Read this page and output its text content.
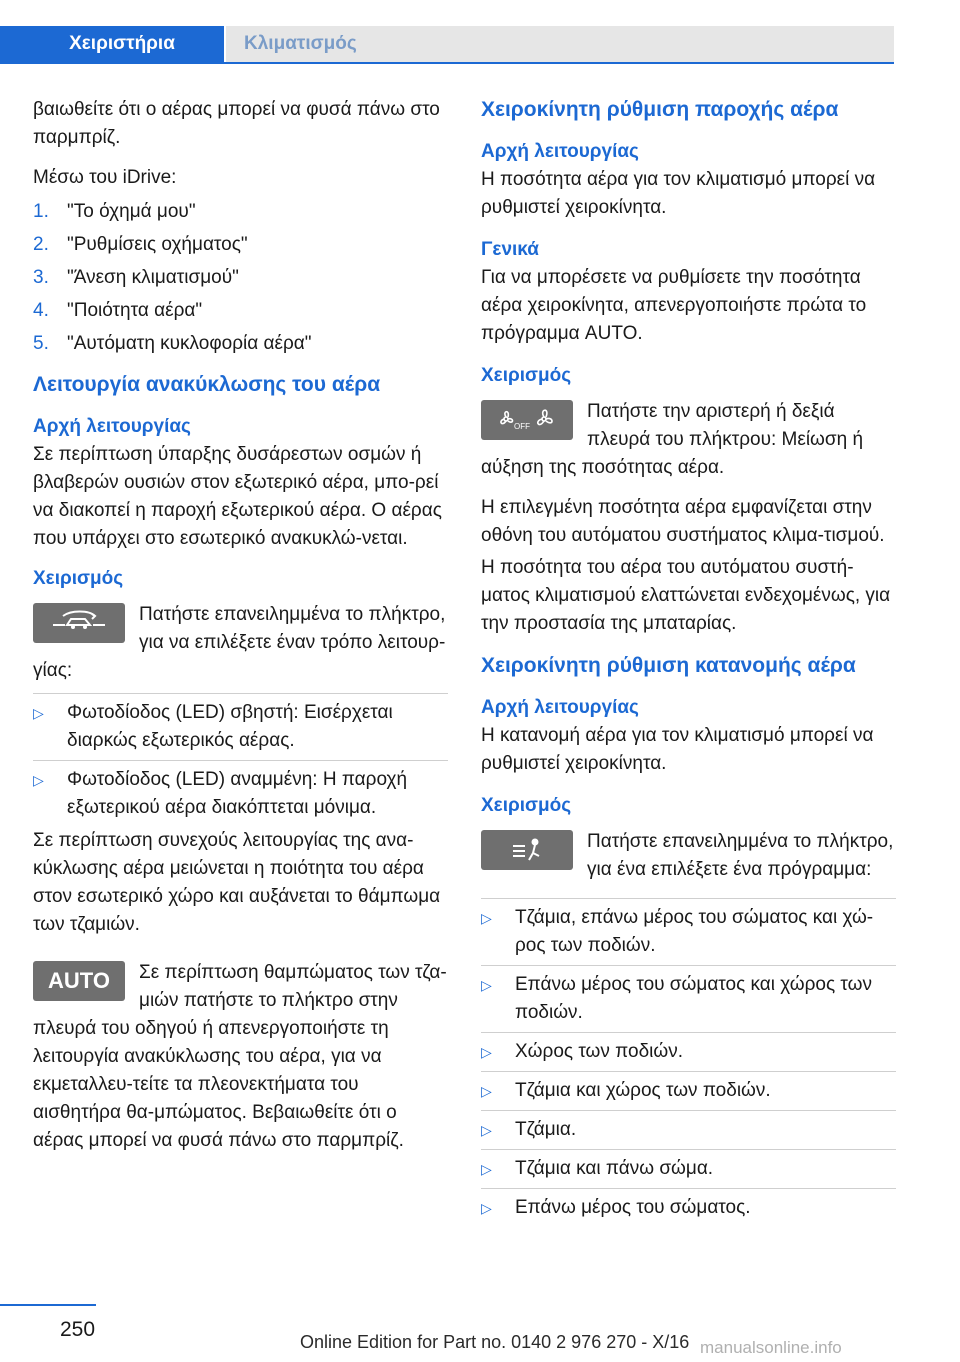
Χειριστήρια	Κλιματισμός

βαιωθείτε ότι ο αέρας μπορεί να φυσά πάνω στο παρμπρίζ.

Μέσω του iDrive:

1. "Το όχημά μου"
2. "Ρυθμίσεις οχήματος"
3. "Άνεση κλιματισμού"
4. "Ποιότητα αέρα"
5. "Αυτόματη κυκλοφορία αέρα"
Λειτουργία ανακύκλωσης του αέρα
Αρχή λειτουργίας

Σε περίπτωση ύπαρξης δυσάρεστων οσμών ή βλαβερών ουσιών στον εξωτερικό αέρα, μπο-ρεί να διακοπεί η παροχή εξωτερικού αέρα. Ο αέρας που υπάρχει στο εσωτερικό ανακυκλώ-νεται.

Χειρισμός

Πατήστε επανειλημμένα το πλήκτρο, για να επιλέξετε έναν τρόπο λειτουρ-γίας:

▷	Φωτοδίοδος (LED) σβηστή: Εισέρχεται διαρκώς εξωτερικός αέρας.
▷	Φωτοδίοδος (LED) αναμμένη: Η παροχή εξωτερικού αέρα διακόπτεται μόνιμα.

Σε περίπτωση συνεχούς λειτουργίας της ανα-κύκλωσης αέρα μειώνεται η ποιότητα του αέρα στον εσωτερικό χώρο και αυξάνεται το θάμπωμα των τζαμιών.

AUTO	Σε περίπτωση θαμπώματος των τζα-μιών πατήστε το πλήκτρο στην πλευρά του οδηγού ή απενεργοποιήστε τη λειτουργία ανακύκλωσης του αέρα, για να εκμεταλλευ-τείτε τα πλεονεκτήματα του αισθητήρα θα-μπώματος. Βεβαιωθείτε ότι ο αέρας μπορεί να φυσά πάνω στο παρμπρίζ.

Χειροκίνητη ρύθμιση παροχής αέρα
Αρχή λειτουργίας

Η ποσότητα αέρα για τον κλιματισμό μπορεί να ρυθμιστεί χειροκίνητα.

Γενικά

Για να μπορέσετε να ρυθμίσετε την ποσότητα αέρα χειροκίνητα, απενεργοποιήστε πρώτα το πρόγραμμα AUTO.

Χειρισμός
OFF

Πατήστε την αριστερή ή δεξιά πλευρά του πλήκτρου: Μείωση ή αύξηση της ποσότητας αέρα.

Η επιλεγμένη ποσότητα αέρα εμφανίζεται στην οθόνη του αυτόματου συστήματος κλιμα-τισμού.

Η ποσότητα του αέρα του αυτόματου συστή-ματος κλιματισμού ελαττώνεται ενδεχομένως, για την προστασία της μπαταρίας.

Χειροκίνητη ρύθμιση κατανομής αέρα
Αρχή λειτουργίας

Η κατανομή αέρα για τον κλιματισμό μπορεί να ρυθμιστεί χειροκίνητα.

Χειρισμός

Πατήστε επανειλημμένα το πλήκτρο, για ένα επιλέξετε ένα πρόγραμμα:

▷	Τζάμια, επάνω μέρος του σώματος και χώ-ρος των ποδιών.
▷	Επάνω μέρος του σώματος και χώρος των ποδιών.
▷	Χώρος των ποδιών.
▷	Τζάμια και χώρος των ποδιών.
▷	Τζάμια.
▷	Τζάμια και πάνω σώμα.
▷	Επάνω μέρος του σώματος.
250
Online Edition for Part no. 0140 2 976 270 - X/16 manualsonline.info
